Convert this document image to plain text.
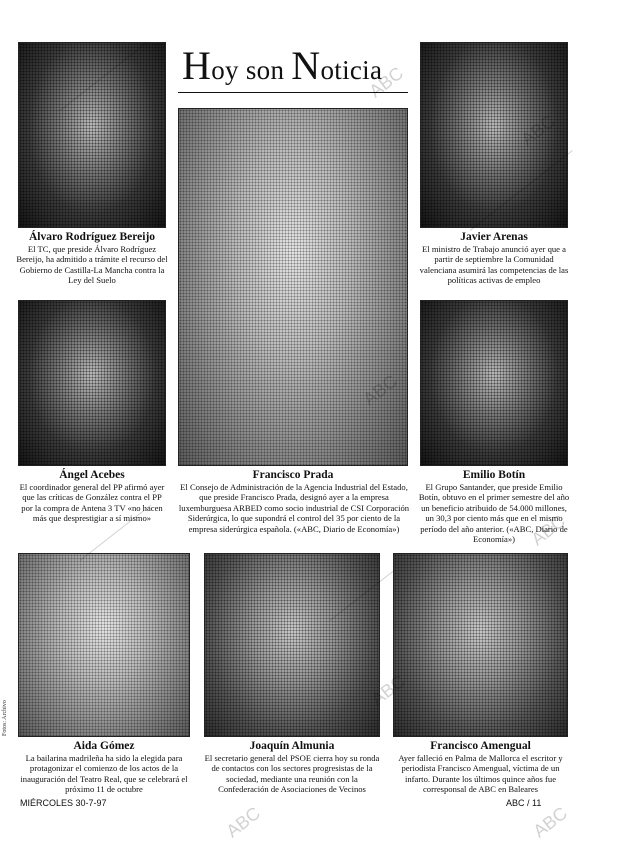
Hoy son Noticia
Álvaro Rodríguez Bereijo
El TC, que preside Álvaro Rodríguez Bereijo, ha admitido a trámite el recurso del Gobierno de Castilla-La Mancha contra la Ley del Suelo
Francisco Prada
El Consejo de Administración de la Agencia Industrial del Estado, que preside Francisco Prada, designó ayer a la empresa luxemburguesa ARBED como socio industrial de CSI Corporación Siderúrgica, lo que supondrá el control del 35 por ciento de la empresa siderúrgica española. («ABC, Diario de Economía»)
Javier Arenas
El ministro de Trabajo anunció ayer que a partir de septiembre la Comunidad valenciana asumirá las competencias de las políticas activas de empleo
Ángel Acebes
El coordinador general del PP afirmó ayer que las críticas de González contra el PP por la compra de Antena 3 TV «no hacen más que desprestigiar a sí mismo»
Emilio Botín
El Grupo Santander, que preside Emilio Botín, obtuvo en el primer semestre del año un beneficio atribuido de 54.000 millones, un 30,3 por ciento más que en el mismo período del año anterior. («ABC, Diario de Economía»)
Aida Gómez
La bailarina madrileña ha sido la elegida para protagonizar el comienzo de los actos de la inauguración del Teatro Real, que se celebrará el próximo 11 de octubre
Joaquín Almunia
El secretario general del PSOE cierra hoy su ronda de contactos con los sectores progresistas de la sociedad, mediante una reunión con la Confederación de Asociaciones de Vecinos
Francisco Amengual
Ayer falleció en Palma de Mallorca el escritor y periodista Francisco Amengual, víctima de un infarto. Durante los últimos quince años fue corresponsal de ABC en Baleares
Fotos: Archivo
MIÉRCOLES 30-7-97	ABC / 11
ABC
ABC
ABC
ABC
ABC
ABC	ABC
